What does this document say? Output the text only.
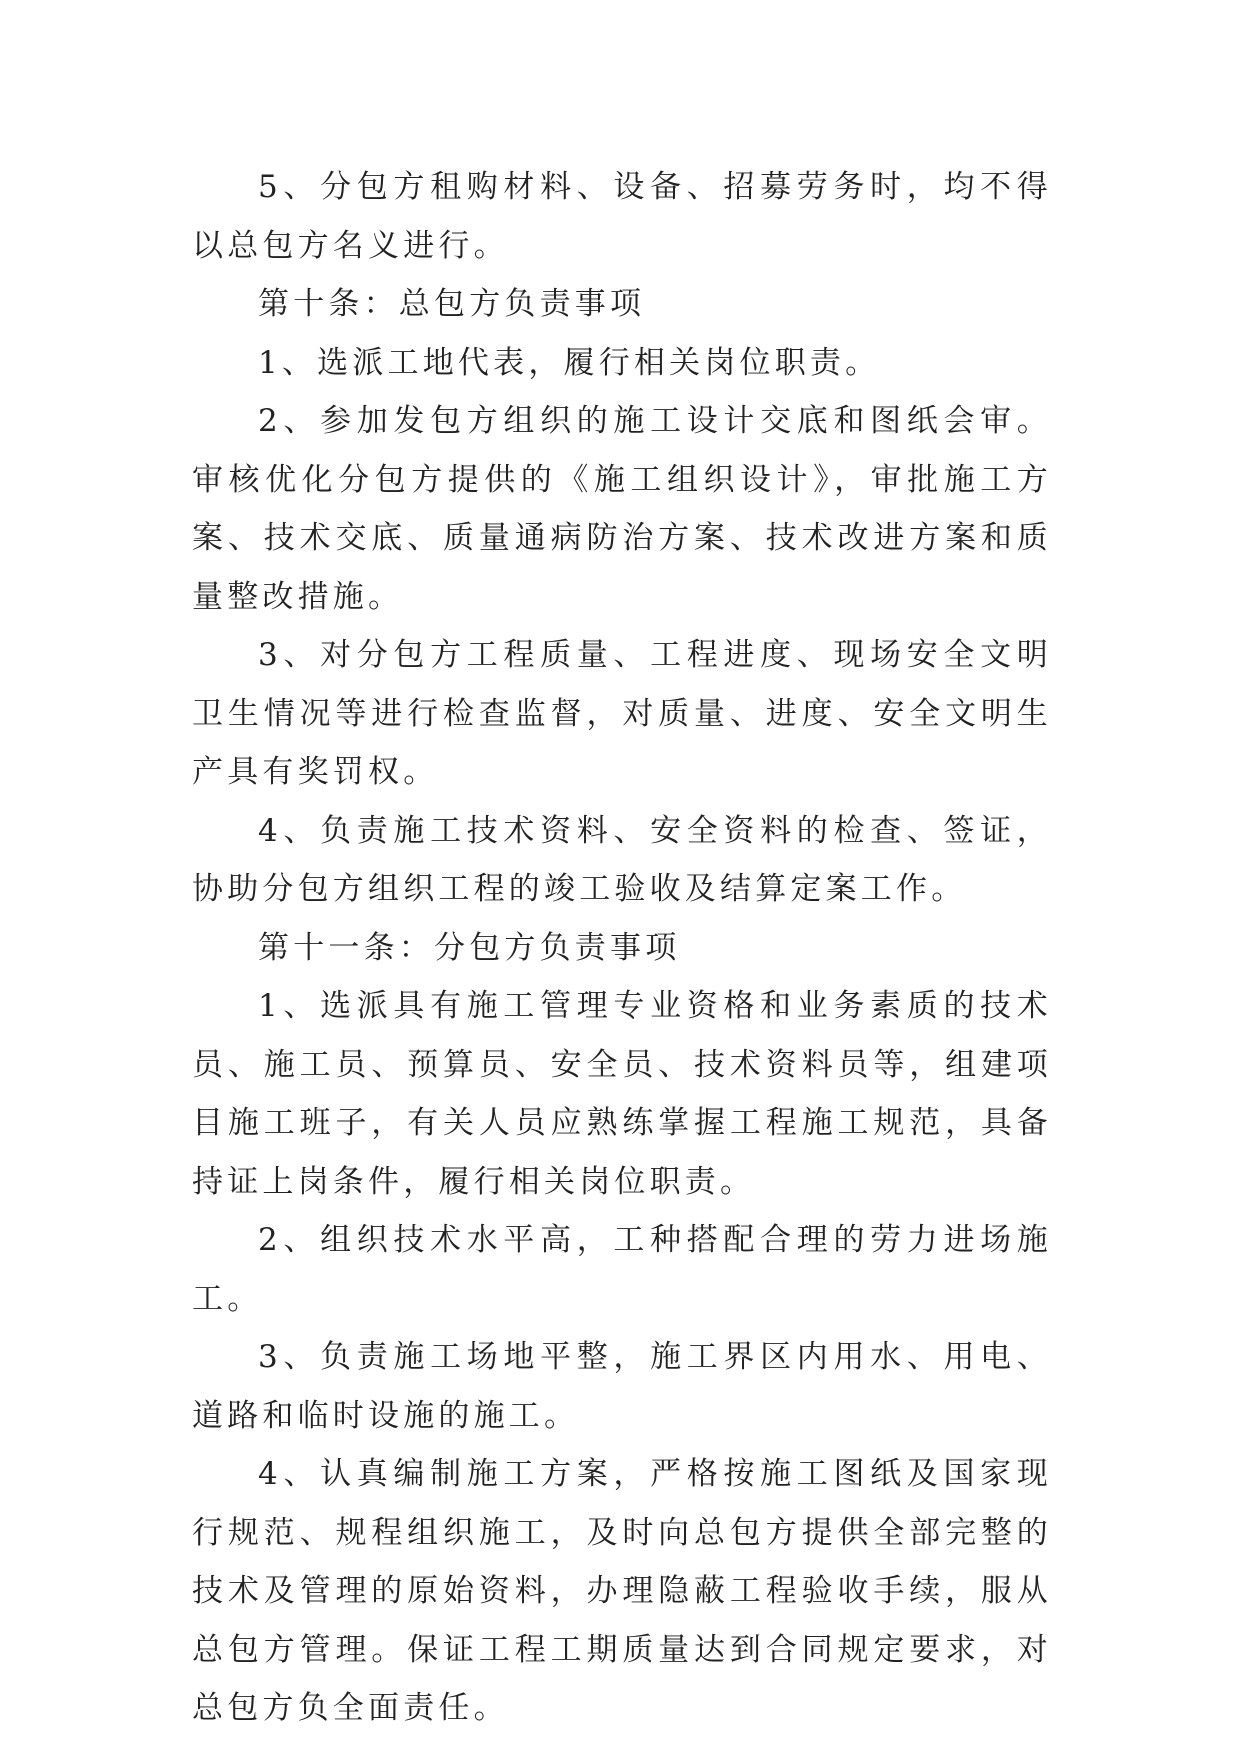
5、分包方租购材料、设备、招募劳务时，均不得以总包方名义进行。

第十条：总包方负责事项

1、选派工地代表，履行相关岗位职责。

2、参加发包方组织的施工设计交底和图纸会审。审核优化分包方提供的《施工组织设计》，审批施工方案、技术交底、质量通病防治方案、技术改进方案和质量整改措施。

3、对分包方工程质量、工程进度、现场安全文明卫生情况等进行检查监督，对质量、进度、安全文明生产具有奖罚权。

4、负责施工技术资料、安全资料的检查、签证，协助分包方组织工程的竣工验收及结算定案工作。

第十一条：分包方负责事项

1、选派具有施工管理专业资格和业务素质的技术员、施工员、预算员、安全员、技术资料员等，组建项目施工班子，有关人员应熟练掌握工程施工规范，具备持证上岗条件，履行相关岗位职责。

2、组织技术水平高，工种搭配合理的劳力进场施工。

3、负责施工场地平整，施工界区内用水、用电、道路和临时设施的施工。

4、认真编制施工方案，严格按施工图纸及国家现行规范、规程组织施工，及时向总包方提供全部完整的技术及管理的原始资料，办理隐蔽工程验收手续，服从总包方管理。保证工程工期质量达到合同规定要求，对总包方负全面责任。
